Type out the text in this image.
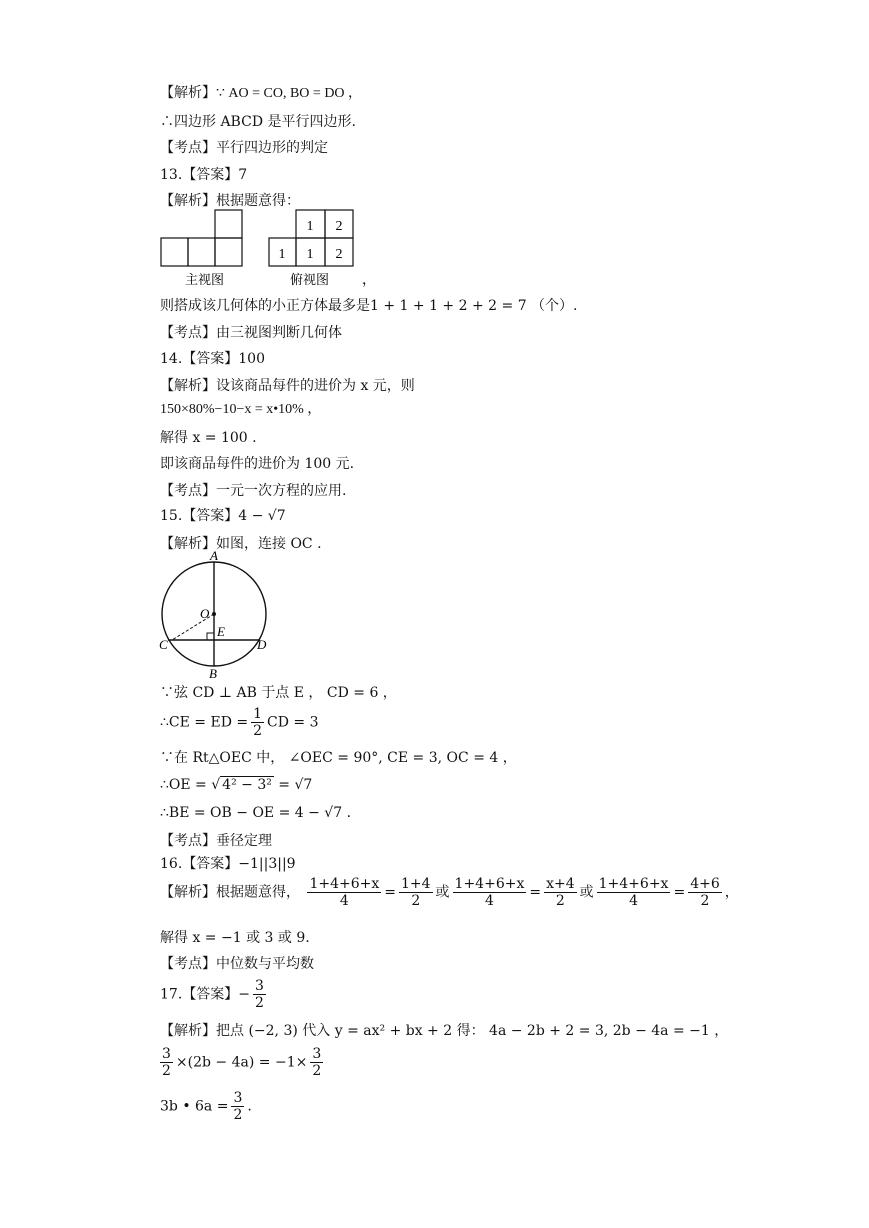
【解析】∵ AO = CO, BO = DO ，
∴四边形 ABCD 是平行四边形.
【考点】平行四边形的判定
13.【答案】7
【解析】根据题意得：
1 2
1 1 2
主视图	俯视图 ，
则搭成该几何体的小正方体最多是1 + 1 + 1 + 2 + 2 = 7 （个）.
【考点】由三视图判断几何体
14.【答案】100
【解析】设该商品每件的进价为 x 元，则
150×80%−10−x = x•10% ，
解得 x = 100 .
即该商品每件的进价为 100 元.
【考点】一元一次方程的应用.
15.【答案】4 − √7
【解析】如图，连接 OC .
A
O
E
C	D
B
∵弦 CD ⊥ AB 于点 E ， CD = 6 ，
∴CE = ED = $\frac{1}{2}$ CD = 3
∵在 Rt△OEC 中， ∠OEC = 90°, CE = 3, OC = 4 ，
∴OE = √ 4² − 3² = √7
∴BE = OB − OE = 4 − √7 .
【考点】垂径定理
16.【答案】−1||3||9
【解析】根据题意得， $\frac{1+4+6+x}{4} = \frac{1+4}{2}$ 或 $\frac{1+4+6+x}{4} = \frac{x+4}{2}$ 或 $\frac{1+4+6+x}{4} = \frac{4+6}{2}$ ，
解得 x = −1 或 3 或 9.
【考点】中位数与平均数
17.【答案】− $\frac{3}{2}$
【解析】把点 (−2, 3) 代入 y = ax² + bx + 2 得： 4a − 2b + 2 = 3, 2b − 4a = −1 ，
$\frac{3}{2} \times(2b - 4a) = -1\times \frac{3}{2}$
3b • $6a = \frac{3}{2}$ .
